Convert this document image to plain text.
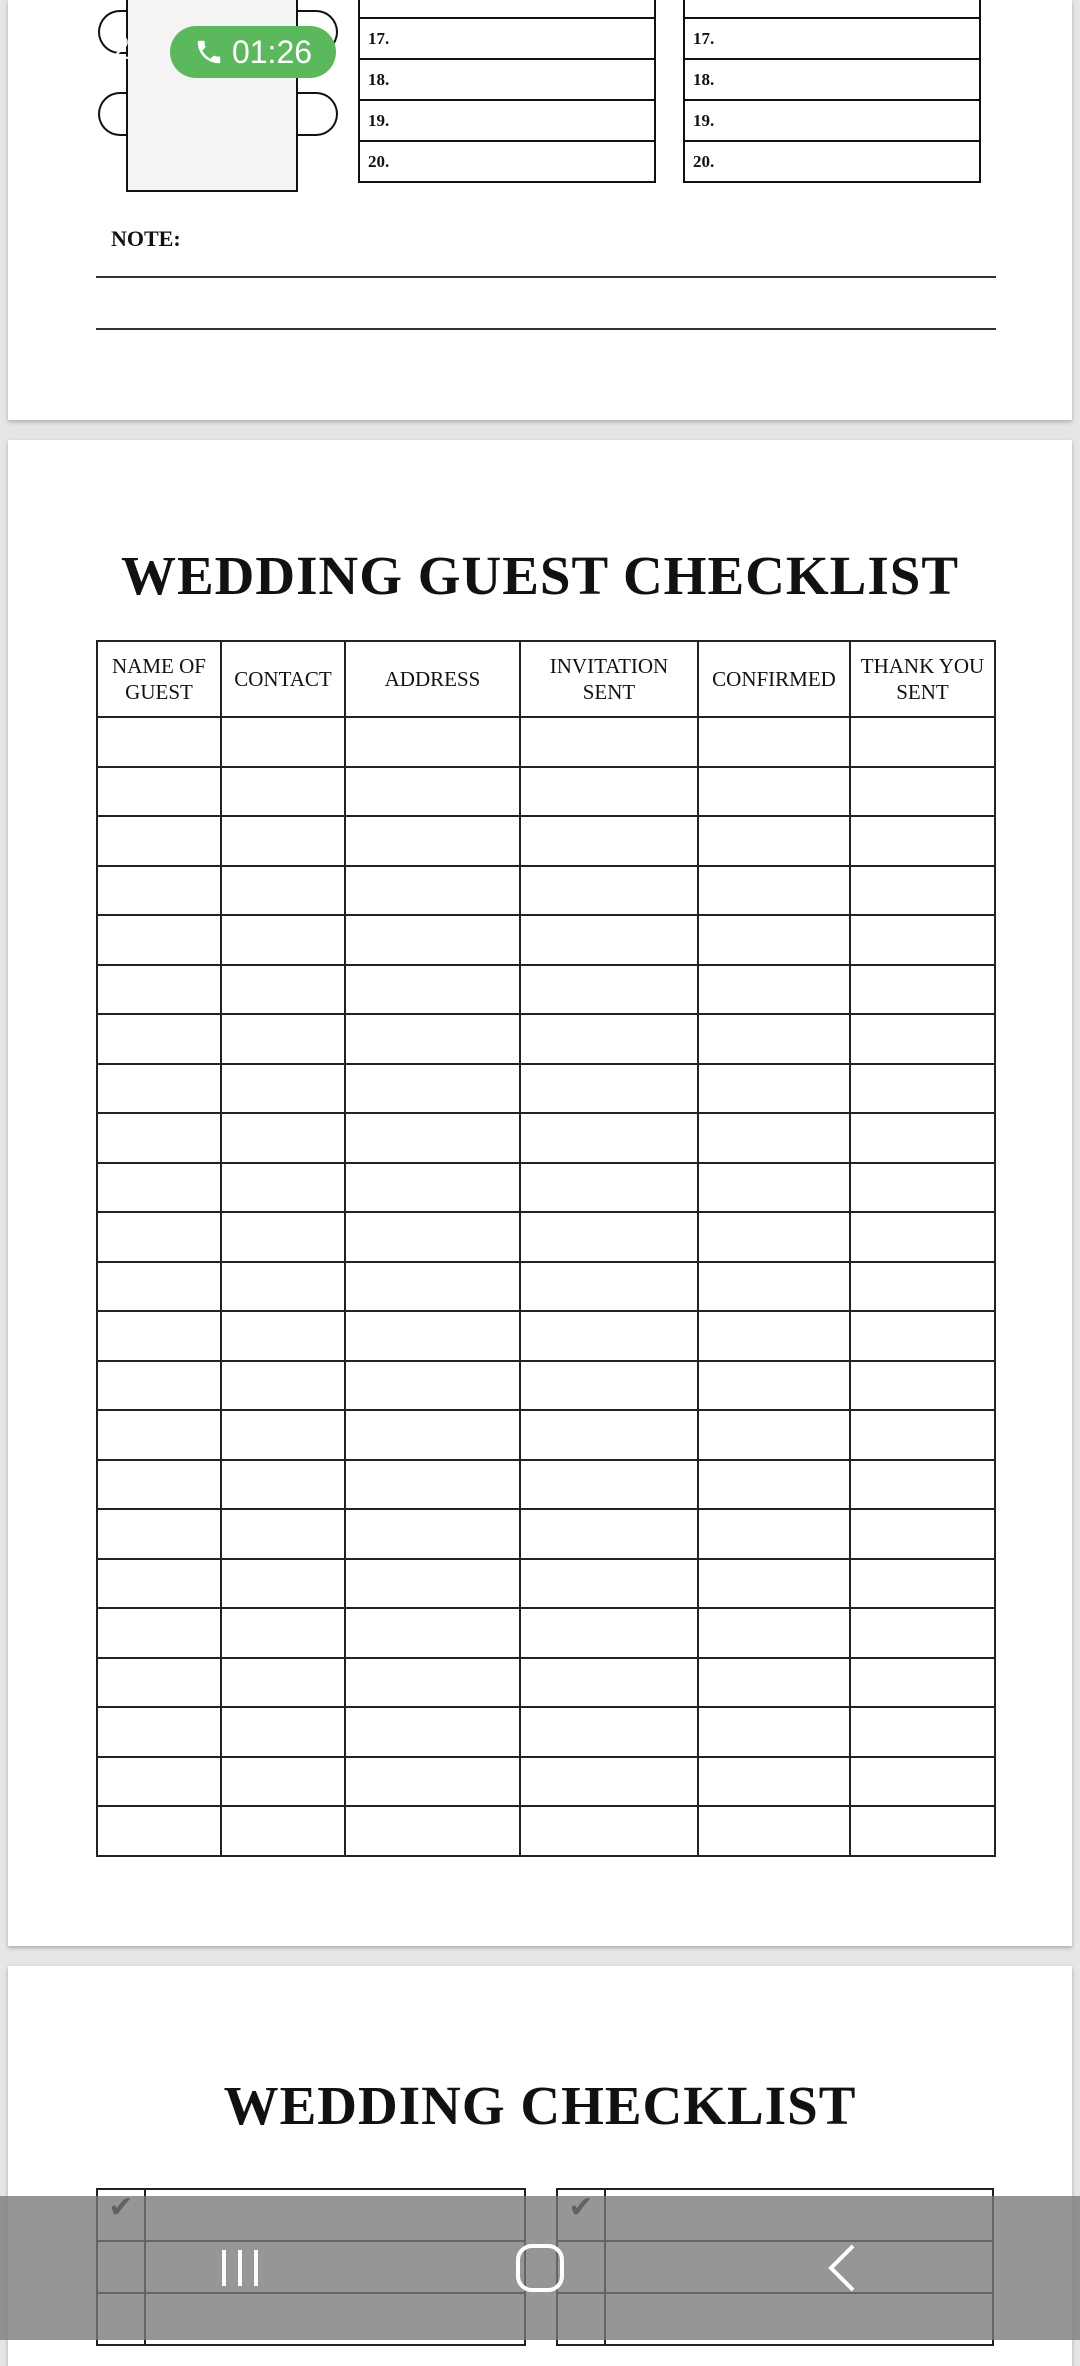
17.
18.
19.
20.

17.
18.
19.
20.
NOTE:
WEDDING GUEST CHECKLIST
NAME OF GUEST	CONTACT	ADDRESS	INVITATION SENT	CONFIRMED	THANK YOU SENT

WEDDING CHECKLIST

2	01:26
